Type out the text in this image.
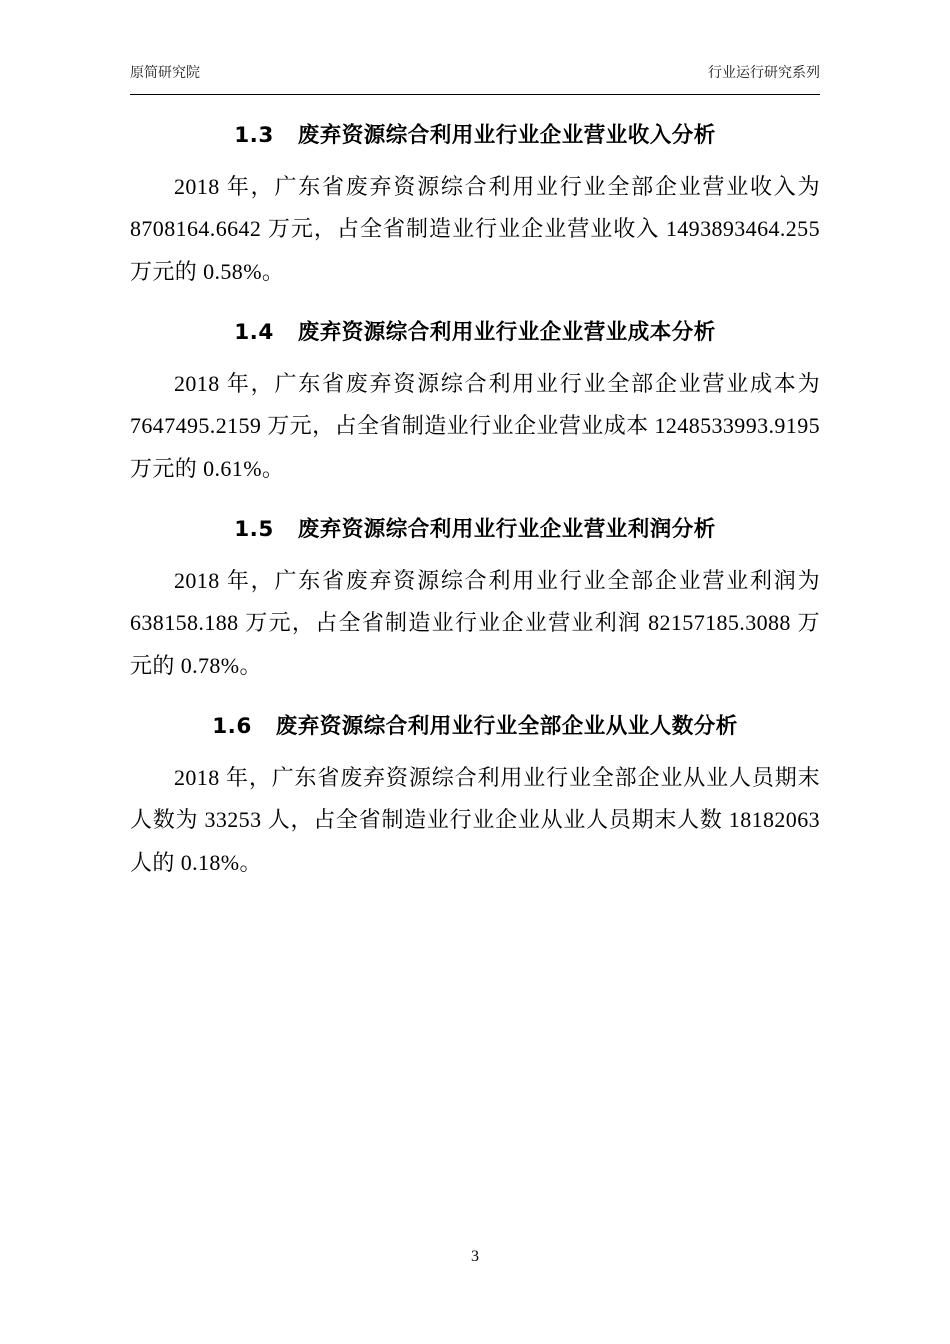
原简研究院	行业运行研究系列
1.3 废弃资源综合利用业行业企业营业收入分析

2018 年，广东省废弃资源综合利用业行业全部企业营业收入为 8708164.6642 万元，占全省制造业行业企业营业收入 1493893464.255 万元的 0.58%。

1.4 废弃资源综合利用业行业企业营业成本分析

2018 年，广东省废弃资源综合利用业行业全部企业营业成本为 7647495.2159 万元，占全省制造业行业企业营业成本 1248533993.9195 万元的 0.61%。

1.5 废弃资源综合利用业行业企业营业利润分析

2018 年，广东省废弃资源综合利用业行业全部企业营业利润为 638158.188 万元，占全省制造业行业企业营业利润 82157185.3088 万元的 0.78%。

1.6 废弃资源综合利用业行业全部企业从业人数分析

2018 年，广东省废弃资源综合利用业行业全部企业从业人员期末人数为 33253 人，占全省制造业行业企业从业人员期末人数 18182063 人的 0.18%。

3
